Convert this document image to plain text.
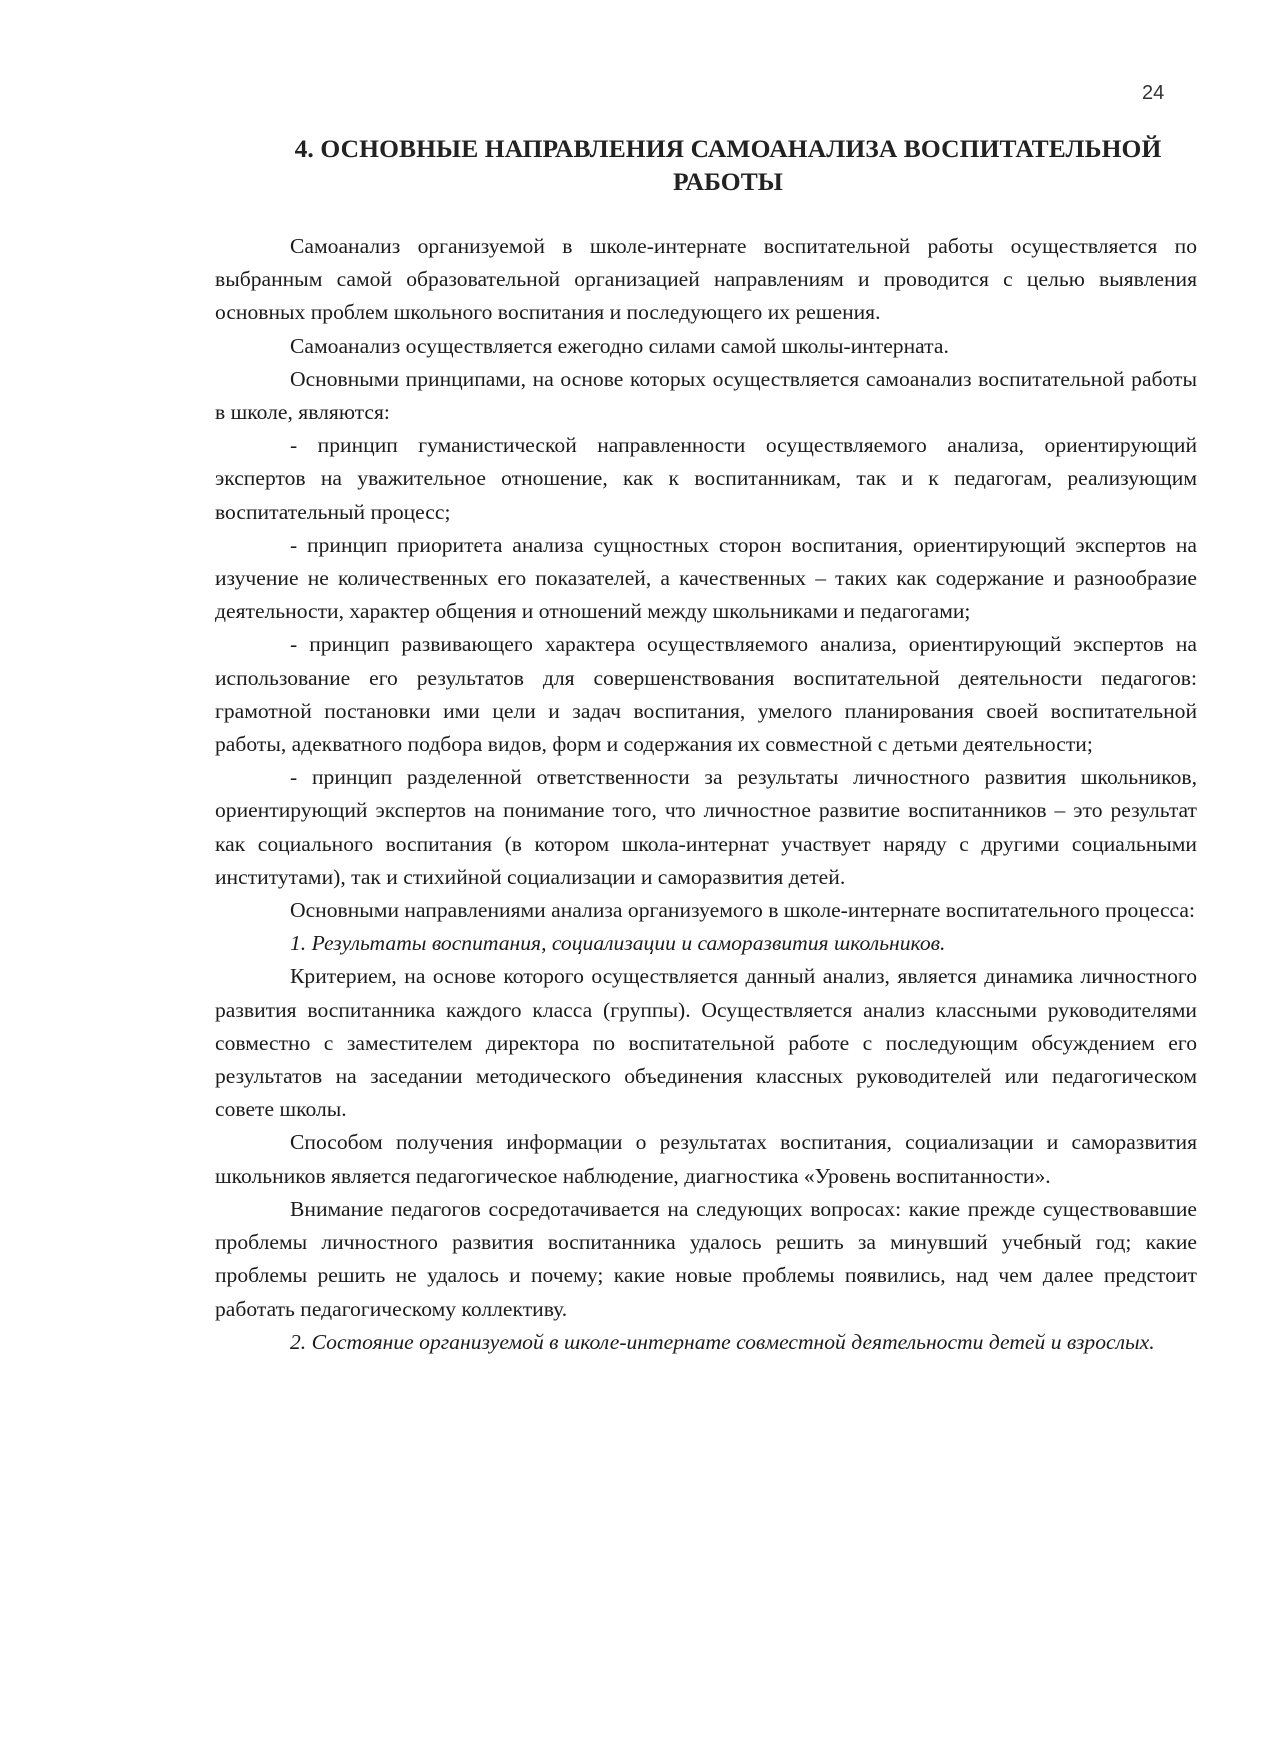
24
4. ОСНОВНЫЕ НАПРАВЛЕНИЯ САМОАНАЛИЗА ВОСПИТАТЕЛЬНОЙ РАБОТЫ

Самоанализ организуемой в школе-интернате воспитательной работы осуществляется по выбранным самой образовательной организацией направлениям и проводится с целью выявления основных проблем школьного воспитания и последующего их решения.

Самоанализ осуществляется ежегодно силами самой школы-интерната.

Основными принципами, на основе которых осуществляется самоанализ воспитательной работы в школе, являются:

- принцип гуманистической направленности осуществляемого анализа, ориентирующий экспертов на уважительное отношение, как к воспитанникам, так и к педагогам, реализующим воспитательный процесс;

- принцип приоритета анализа сущностных сторон воспитания, ориентирующий экспертов на изучение не количественных его показателей, а качественных – таких как содержание и разнообразие деятельности, характер общения и отношений между школьниками и педагогами;

- принцип развивающего характера осуществляемого анализа, ориентирующий экспертов на использование его результатов для совершенствования воспитательной деятельности педагогов: грамотной постановки ими цели и задач воспитания, умелого планирования своей воспитательной работы, адекватного подбора видов, форм и содержания их совместной с детьми деятельности;

- принцип разделенной ответственности за результаты личностного развития школьников, ориентирующий экспертов на понимание того, что личностное развитие воспитанников – это результат как социального воспитания (в котором школа-интернат участвует наряду с другими социальными институтами), так и стихийной социализации и саморазвития детей.

Основными направлениями анализа организуемого в школе-интернате воспитательного процесса:

1. Результаты воспитания, социализации и саморазвития школьников.

Критерием, на основе которого осуществляется данный анализ, является динамика личностного развития воспитанника каждого класса (группы). Осуществляется анализ классными руководителями совместно с заместителем директора по воспитательной работе с последующим обсуждением его результатов на заседании методического объединения классных руководителей или педагогическом совете школы.

Способом получения информации о результатах воспитания, социализации и саморазвития школьников является педагогическое наблюдение, диагностика «Уровень воспитанности».

Внимание педагогов сосредотачивается на следующих вопросах: какие прежде существовавшие проблемы личностного развития воспитанника удалось решить за минувший учебный год; какие проблемы решить не удалось и почему; какие новые проблемы появились, над чем далее предстоит работать педагогическому коллективу.

2. Состояние организуемой в школе-интернате совместной деятельности детей и взрослых.
